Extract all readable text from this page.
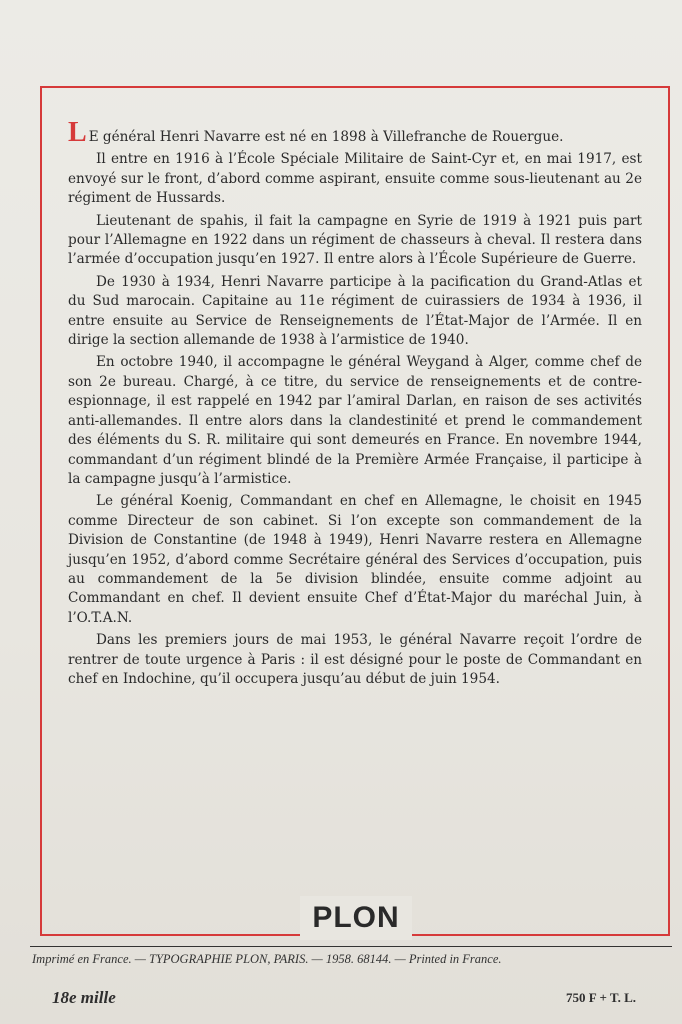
L E général Henri Navarre est né en 1898 à Villefranche de Rouergue.

Il entre en 1916 à l’École Spéciale Militaire de Saint-Cyr et, en mai 1917, est envoyé sur le front, d’abord comme aspirant, ensuite comme sous-lieutenant au 2e régiment de Hussards.

Lieutenant de spahis, il fait la campagne en Syrie de 1919 à 1921 puis part pour l’Allemagne en 1922 dans un régiment de chasseurs à cheval. Il restera dans l’armée d’occupation jusqu’en 1927. Il entre alors à l’École Supérieure de Guerre.

De 1930 à 1934, Henri Navarre participe à la pacification du Grand-Atlas et du Sud marocain. Capitaine au 11e régiment de cuirassiers de 1934 à 1936, il entre ensuite au Service de Renseignements de l’État-Major de l’Armée. Il en dirige la section allemande de 1938 à l’armistice de 1940.

En octobre 1940, il accompagne le général Weygand à Alger, comme chef de son 2e bureau. Chargé, à ce titre, du service de renseignements et de contre-espionnage, il est rappelé en 1942 par l’amiral Darlan, en raison de ses activités anti-allemandes. Il entre alors dans la clandestinité et prend le commandement des éléments du S. R. militaire qui sont demeurés en France. En novembre 1944, commandant d’un régiment blindé de la Première Armée Française, il participe à la campagne jusqu’à l’armistice.

Le général Koenig, Commandant en chef en Allemagne, le choisit en 1945 comme Directeur de son cabinet. Si l’on excepte son commandement de la Division de Constantine (de 1948 à 1949), Henri Navarre restera en Allemagne jusqu’en 1952, d’abord comme Secrétaire général des Services d’occupation, puis au commandement de la 5e division blindée, ensuite comme adjoint au Commandant en chef. Il devient ensuite Chef d’État-Major du maréchal Juin, à l’O.T.A.N.

Dans les premiers jours de mai 1953, le général Navarre reçoit l’ordre de rentrer de toute urgence à Paris : il est désigné pour le poste de Commandant en chef en Indochine, qu’il occupera jusqu’au début de juin 1954.

PLON
Imprimé en France. — TYPOGRAPHIE PLON, PARIS. — 1958. 68144. — Printed in France.
18e mille	750 F + T. L.
